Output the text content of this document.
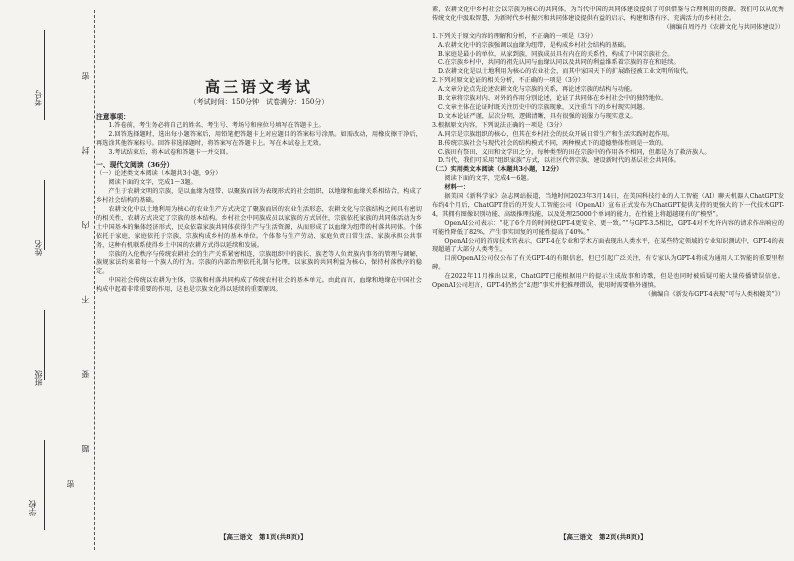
考号
姓名
班级
学校
题 要 不 内 封 密
密
高三语文考试
（考试时间：150分钟　试卷满分：150分）
注意事项：

1.答卷前，考生务必将自己的姓名、考生号、考场号和座位号填写在答题卡上。

2.回答选择题时，选出每小题答案后，用铅笔把答题卡上对应题目的答案标号涂黑。如需改动，用橡皮擦干净后，再选涂其他答案标号。回答非选择题时，将答案写在答题卡上。写在本试卷上无效。

3.考试结束后，将本试卷和答题卡一并交回。

一、现代文阅读（36分）
（一）论述类文本阅读（本题共3小题，9分）

阅读下面的文字，完成1～3题。

产生于农耕文明的宗族，是以血缘为纽带、以聚族而居为表现形式的社会组织，以地缘和血缘关系相结合，构成了乡村社会结构的基础。

农耕文化中以土地利用为核心的农业生产方式决定了聚族而居的农业生活形态，农耕文化与宗族结构之间具有密切的相关性，农耕方式决定了宗族的基本结构。乡村社会中同族成员以家族的方式居住，宗族依托家族的共同体活动为乡土中国基本的集体经济形式，民众依靠家族共同体获得生产与生活资源，从而形成了以血缘为纽带的村落共同体。个体依托于家庭，家庭依托于宗族，宗族构成乡村的基本单位。个体参与生产劳动、家庭负责日常生活、家族承担公共事务，这种有机联系使得乡土中国的农耕方式得以延续和发展。

宗族的入伦秩序与传统农耕社会的生产关系紧密相连，宗族组织中的族长、族老等人负责族内事务的管理与调解，族规家法约束着每一个族人的行为。宗族的内部治理依托礼制与伦理，以家族的共同利益为核心，保持村落秩序的稳定。

中国社会传统以农耕为主体，宗族和村落共同构成了传统农村社会的基本单元。由此而言，血缘和地缘在中国社会构成中起着非常重要的作用，这也是宗族文化得以延续的重要原因。

素，农耕文化中乡村社会以宗族为核心的共同体，为当代中国的共同体建设提供了可供借鉴与合理利用的资源。我们可以从优秀传统文化中汲取智慧，为新时代乡村振兴和共同体建设提供有益的启示，构建和谐有序、充满活力的乡村社会。

（摘编自周丹丹《农耕文化与共同体建设》）

1.下列关于原文内容的理解和分析，不正确的一项是（3分）

A.农耕文化中的宗族强调以血缘为纽带，是构成乡村社会结构的基础。

B.家庭是最小的单位，从家到族，同族成员具有内在的关系性，构成了中国宗族社会。

C.在宗族乡村中，共同的祖先认同与血缘认同以及共同的利益维系着宗族的存在和延续。

D.农耕文化是以土地利用为核心的农业社会，而其中家国天下的扩展路径被工业文明所取代。

2.下列对原文论证的相关分析，不正确的一项是（3分）

A.文章分论点先论述农耕文化与宗族的关系，再论述宗族的结构与功能。

B.文章将宗族对内、对外的作用分别论述，论证了共同体在乡村社会中的独特地位。

C.文章主体在论证时既关注历史中的宗族现象，又注重当下的乡村现实问题。

D.文本论证严谨，层次分明，逻辑清晰，具有很强的说服力与现实意义。

3.根据原文内容，下列说法正确的一项是（3分）

A.同宗是宗族组织的核心，但其在乡村社会的民众开展日常生产和生活实践时起作用。

B.传统宗族社会与现代社会的结构模式不同，两种模式下的道德整体性则是一致的。

C.族田有祭田、义田和文学田之分，每种类型的田在宗族中的作用各不相同，但都是为了救济族人。

D.当代，我们可采用“组织家族”方式，以社区代替宗族，建设新时代的基层社会共同体。

（二）实用类文本阅读（本题共3小题，12分）

阅读下面的文字，完成4～6题。

材料一：

据美国《新科学家》杂志网站报道，当地时间2023年3月14日，在美国科技行业的人工智能（AI）聊天机器人ChatGPT发布约4个月后，ChatGPT背后的开发人工智能公司（OpenAI）宣布正式发布为ChatGPT提供支持的更强大的下一代技术GPT-4，其拥有图像识别功能、高级推理技能，以及处理25000个单词的能力，在性能上将超越现有的“模型”。

OpenAI公司表示：“花了6个月的时间使GPT-4更安全、更一致。”“与GPT-3.5相比，GPT-4对不允许内容的请求作出响应的可能性降低了82%，产生事实回复的可能性提高了40%。”

OpenAI公司的首席技术官表示，GPT-4在专业和学术方面表现出人类水平，在某些特定领域的专业知识测试中，GPT-4的表现超越了大部分人类考生。

目前OpenAI公司仅公布了有关GPT-4的有限信息，但已引起广泛关注，有专家认为GPT-4将成为通用人工智能的重要里程碑。

在2022年11月推出以来，ChatGPT已能根据用户的提示生成故事和诗歌，但是也同时被质疑可能大量传播错误信息。OpenAI公司坦言，GPT-4仍然会“幻想”事实并犯推理错误，使用时需要格外谨慎。

（摘编自《新发布GPT-4表现“可与人类相媲美”》）

【高三语文　第1页(共8页)】	【高三语文　第2页(共8页)】
